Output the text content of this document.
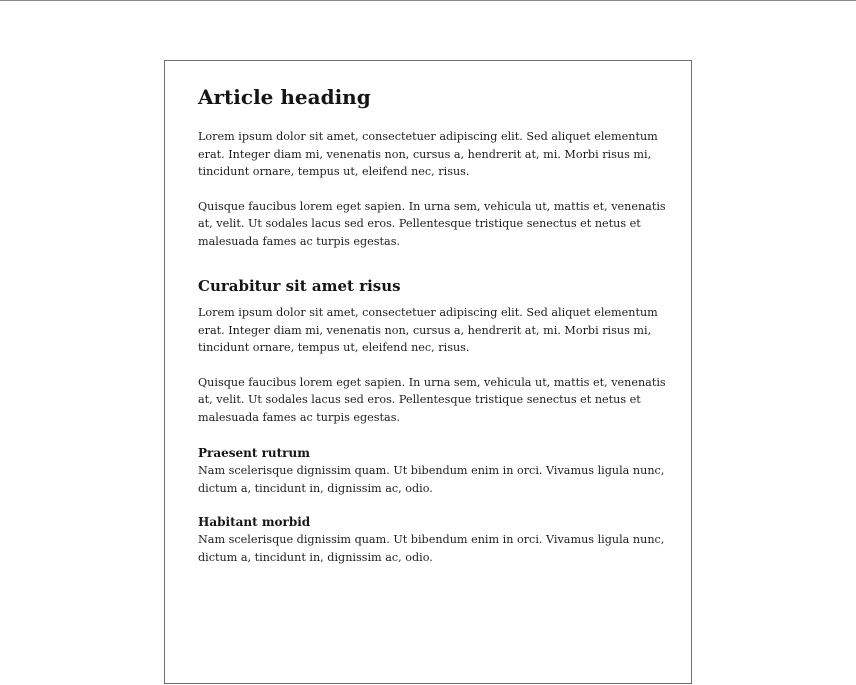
Article heading

Lorem ipsum dolor sit amet, consectetuer adipiscing elit. Sed aliquet elementum erat. Integer diam mi, venenatis non, cursus a, hendrerit at, mi. Morbi risus mi, tincidunt ornare, tempus ut, eleifend nec, risus.

Quisque faucibus lorem eget sapien. In urna sem, vehicula ut, mattis et, venenatis at, velit. Ut sodales lacus sed eros. Pellentesque tristique senectus et netus et malesuada fames ac turpis egestas.

Curabitur sit amet risus

Lorem ipsum dolor sit amet, consectetuer adipiscing elit. Sed aliquet elementum erat. Integer diam mi, venenatis non, cursus a, hendrerit at, mi. Morbi risus mi, tincidunt ornare, tempus ut, eleifend nec, risus.

Quisque faucibus lorem eget sapien. In urna sem, vehicula ut, mattis et, venenatis at, velit. Ut sodales lacus sed eros. Pellentesque tristique senectus et netus et malesuada fames ac turpis egestas.

Praesent rutrum

Nam scelerisque dignissim quam. Ut bibendum enim in orci. Vivamus ligula nunc, dictum a, tincidunt in, dignissim ac, odio.

Habitant morbid

Nam scelerisque dignissim quam. Ut bibendum enim in orci. Vivamus ligula nunc, dictum a, tincidunt in, dignissim ac, odio.
